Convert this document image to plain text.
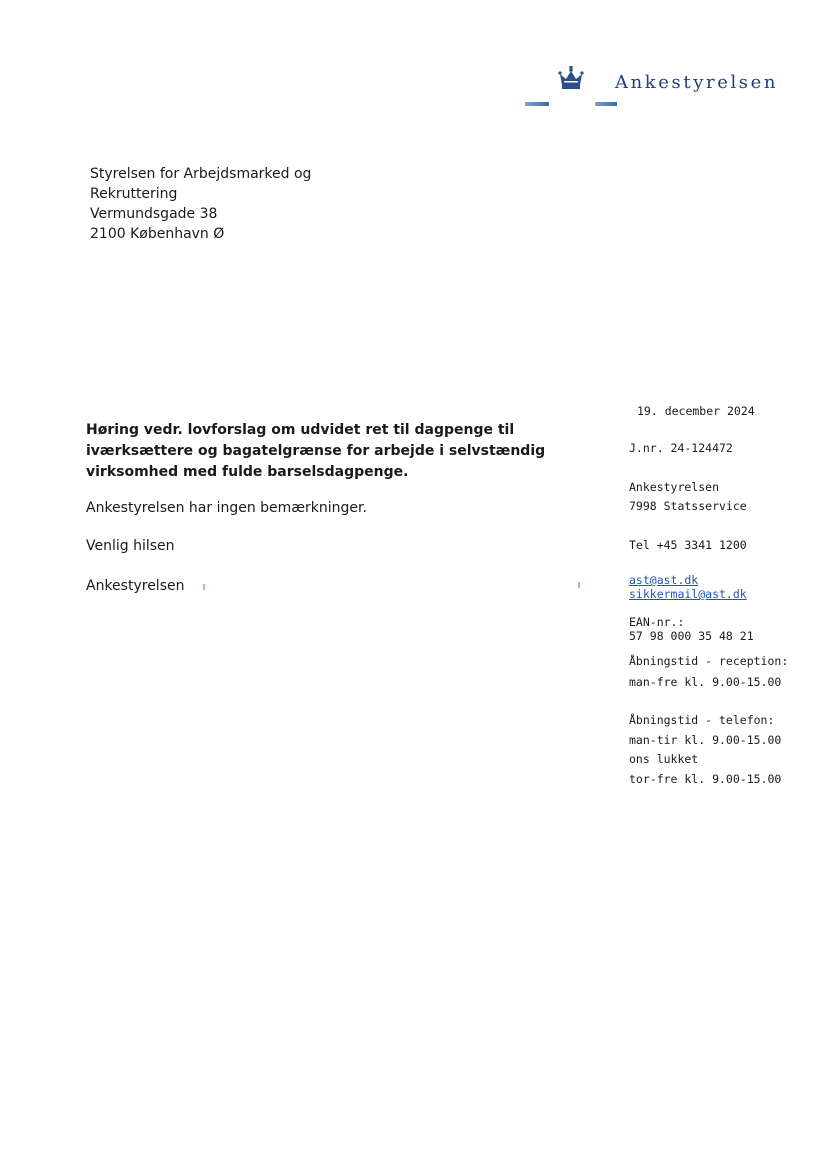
Ankestyrelsen
Styrelsen for Arbejdsmarked og
Rekruttering
Vermundsgade 38
2100 København Ø
Høring vedr. lovforslag om udvidet ret til dagpenge til
iværksættere og bagatelgrænse for arbejde i selvstændig
virksomhed med fulde barselsdagpenge.
Ankestyrelsen har ingen bemærkninger.
Venlig hilsen
Ankestyrelsen
19. december 2024
J.nr. 24-124472
Ankestyrelsen
7998 Statsservice
Tel +45 3341 1200
ast@ast.dk
sikkermail@ast.dk
EAN-nr.:
57 98 000 35 48 21
Åbningstid - reception:
man-fre kl. 9.00-15.00
Åbningstid - telefon:
man-tir kl. 9.00-15.00
ons lukket
tor-fre kl. 9.00-15.00
